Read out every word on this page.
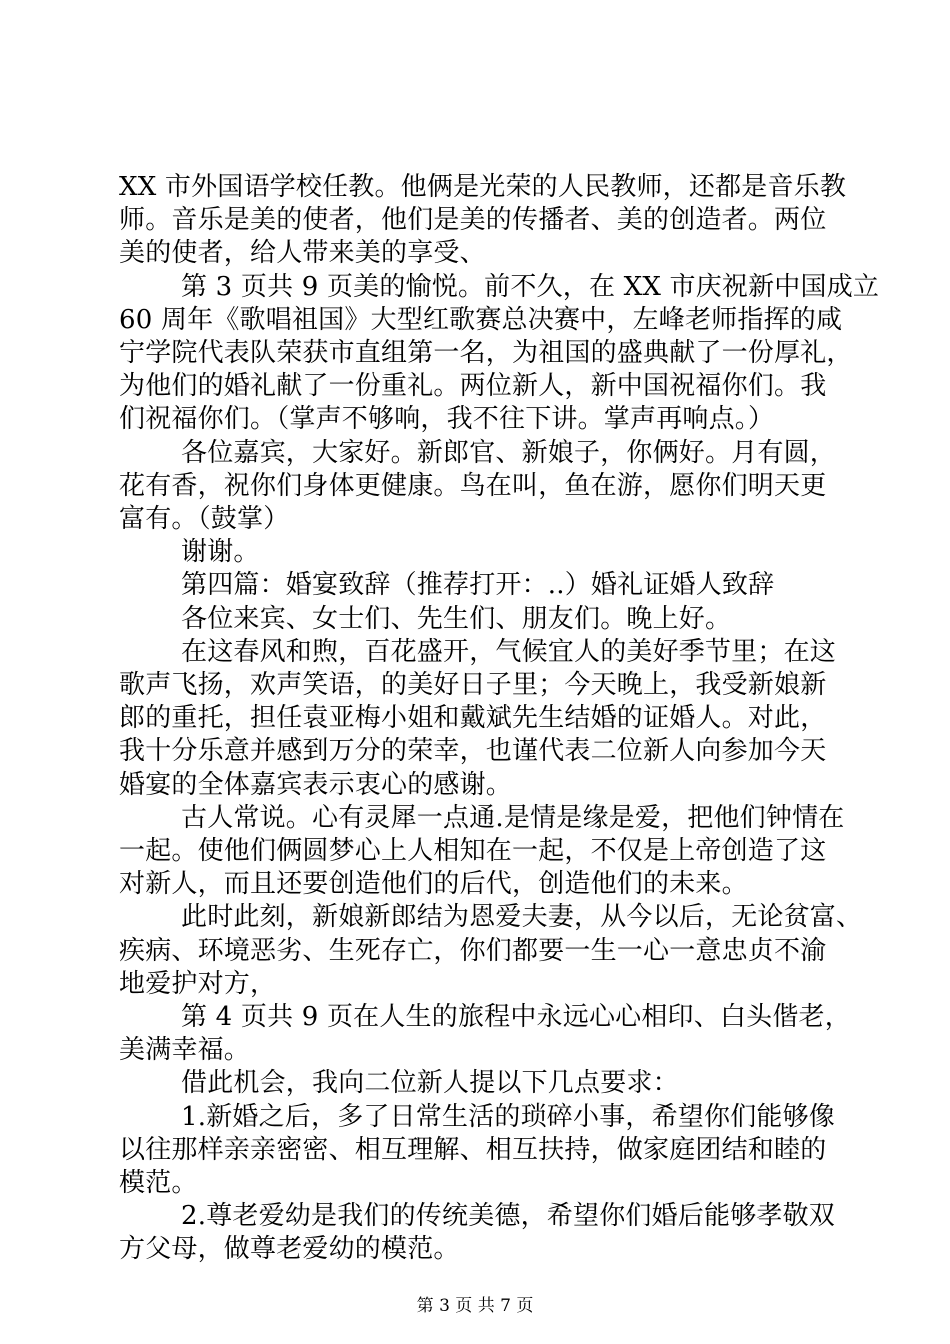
XX 市外国语学校任教。他俩是光荣的人民教师，还都是音乐教
师。音乐是美的使者，他们是美的传播者、美的创造者。两位
美的使者，给人带来美的享受、
第 3 页共 9 页美的愉悦。前不久，在 XX 市庆祝新中国成立
60 周年《歌唱祖国》大型红歌赛总决赛中，左峰老师指挥的咸
宁学院代表队荣获市直组第一名，为祖国的盛典献了一份厚礼，
为他们的婚礼献了一份重礼。两位新人，新中国祝福你们。我
们祝福你们。（掌声不够响，我不往下讲。掌声再响点。）
各位嘉宾，大家好。新郎官、新娘子，你俩好。月有圆，
花有香，祝你们身体更健康。鸟在叫，鱼在游，愿你们明天更
富有。（鼓掌）
谢谢。
第四篇：婚宴致辞（推荐打开：..）婚礼证婚人致辞
各位来宾、女士们、先生们、朋友们。晚上好。
在这春风和煦，百花盛开，气候宜人的美好季节里；在这
歌声飞扬，欢声笑语，的美好日子里；今天晚上，我受新娘新
郎的重托，担任袁亚梅小姐和戴斌先生结婚的证婚人。对此，
我十分乐意并感到万分的荣幸，也谨代表二位新人向参加今天
婚宴的全体嘉宾表示衷心的感谢。
古人常说。心有灵犀一点通.是情是缘是爱，把他们钟情在
一起。使他们俩圆梦心上人相知在一起，不仅是上帝创造了这
对新人，而且还要创造他们的后代，创造他们的未来。
此时此刻，新娘新郎结为恩爱夫妻，从今以后，无论贫富、
疾病、环境恶劣、生死存亡，你们都要一生一心一意忠贞不渝
地爱护对方，
第 4 页共 9 页在人生的旅程中永远心心相印、白头偕老，
美满幸福。
借此机会，我向二位新人提以下几点要求：
1.新婚之后，多了日常生活的琐碎小事，希望你们能够像
以往那样亲亲密密、相互理解、相互扶持，做家庭团结和睦的
模范。
2.尊老爱幼是我们的传统美德，希望你们婚后能够孝敬双
方父母，做尊老爱幼的模范。
第 3 页 共 7 页
